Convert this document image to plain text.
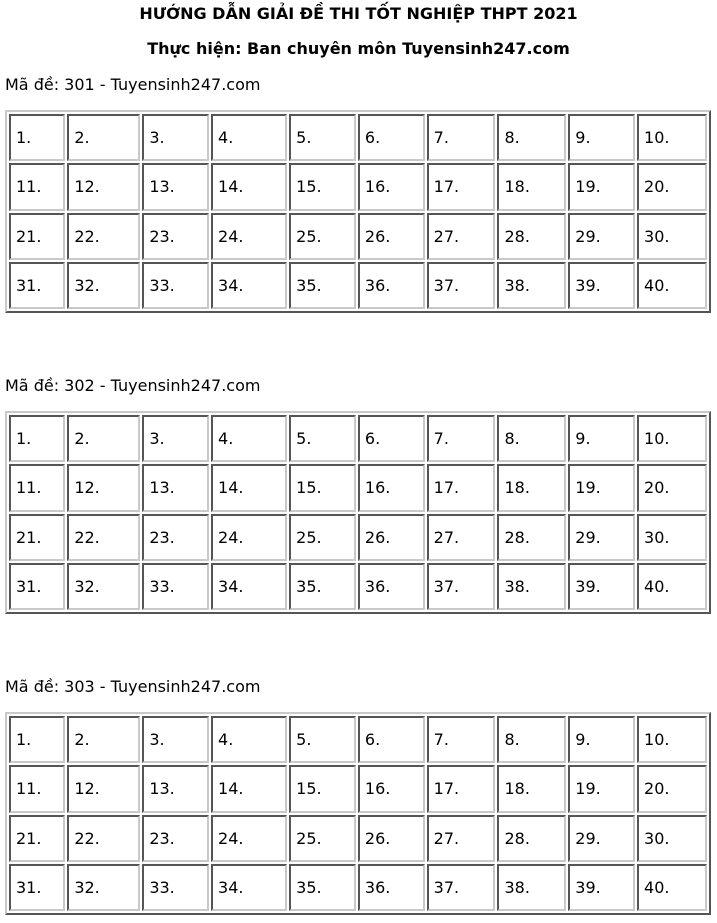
HƯỚNG DẪN GIẢI ĐỀ THI TỐT NGHIỆP THPT 2021
Thực hiện: Ban chuyên môn Tuyensinh247.com
Mã đề: 301 - Tuyensinh247.com
1.	2.	3.	4.	5.	6.	7.	8.	9.	10.
11.	12.	13.	14.	15.	16.	17.	18.	19.	20.
21.	22.	23.	24.	25.	26.	27.	28.	29.	30.
31.	32.	33.	34.	35.	36.	37.	38.	39.	40.
Mã đề: 302 - Tuyensinh247.com
1.	2.	3.	4.	5.	6.	7.	8.	9.	10.
11.	12.	13.	14.	15.	16.	17.	18.	19.	20.
21.	22.	23.	24.	25.	26.	27.	28.	29.	30.
31.	32.	33.	34.	35.	36.	37.	38.	39.	40.
Mã đề: 303 - Tuyensinh247.com
1.	2.	3.	4.	5.	6.	7.	8.	9.	10.
11.	12.	13.	14.	15.	16.	17.	18.	19.	20.
21.	22.	23.	24.	25.	26.	27.	28.	29.	30.
31.	32.	33.	34.	35.	36.	37.	38.	39.	40.
